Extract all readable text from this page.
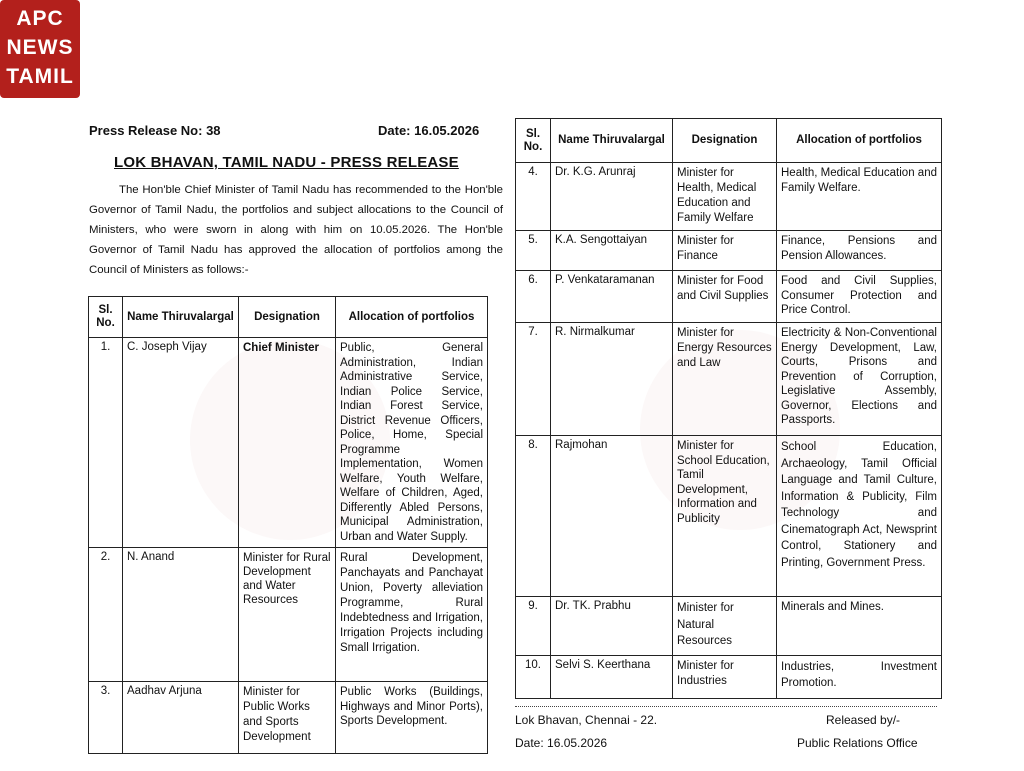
APC
NEWS
TAMIL
Press Release No: 38	Date: 16.05.2026
LOK BHAVAN, TAMIL NADU - PRESS RELEASE
The Hon'ble Chief Minister of Tamil Nadu has recommended to the Hon'ble Governor of Tamil Nadu, the portfolios and subject allocations to the Council of Ministers, who were sworn in along with him on 10.05.2026. The Hon'ble Governor of Tamil Nadu has approved the allocation of portfolios among the Council of Ministers as follows:-
Sl. No.	Name Thiruvalargal	Designation	Allocation of portfolios
1.	C. Joseph Vijay	Chief Minister	Public, General Administration, Indian Administrative Service, Indian Police Service, Indian Forest Service, District Revenue Officers, Police, Home, Special Programme Implementation, Women Welfare, Youth Welfare, Welfare of Children, Aged, Differently Abled Persons, Municipal Administration, Urban and Water Supply.
2.	N. Anand	Minister for Rural Development and Water Resources	Rural Development, Panchayats and Panchayat Union, Poverty alleviation Programme, Rural Indebtedness and Irrigation, Irrigation Projects including Small Irrigation.
3.	Aadhav Arjuna	Minister for Public Works and Sports Development	Public Works (Buildings, Highways and Minor Ports), Sports Development.
Sl. No.	Name Thiruvalargal	Designation	Allocation of portfolios
4.	Dr. K.G. Arunraj	Minister for Health, Medical Education and Family Welfare	Health, Medical Education and Family Welfare.
5.	K.A. Sengottaiyan	Minister for Finance	Finance, Pensions and Pension Allowances.
6.	P. Venkataramanan	Minister for Food and Civil Supplies	Food and Civil Supplies, Consumer Protection and Price Control.
7.	R. Nirmalkumar	Minister for Energy Resources and Law	Electricity & Non-Conventional Energy Development, Law, Courts, Prisons and Prevention of Corruption, Legislative Assembly, Governor, Elections and Passports.
8.	Rajmohan	Minister for School Education, Tamil Development, Information and Publicity	School Education, Archaeology, Tamil Official Language and Tamil Culture, Information & Publicity, Film Technology and Cinematograph Act, Newsprint Control, Stationery and Printing, Government Press.
9.	Dr. TK. Prabhu	Minister for Natural Resources	Minerals and Mines.
10.	Selvi S. Keerthana	Minister for Industries	Industries, Investment Promotion.
Lok Bhavan, Chennai - 22.
Date: 16.05.2026
Released by/-
Public Relations Office
